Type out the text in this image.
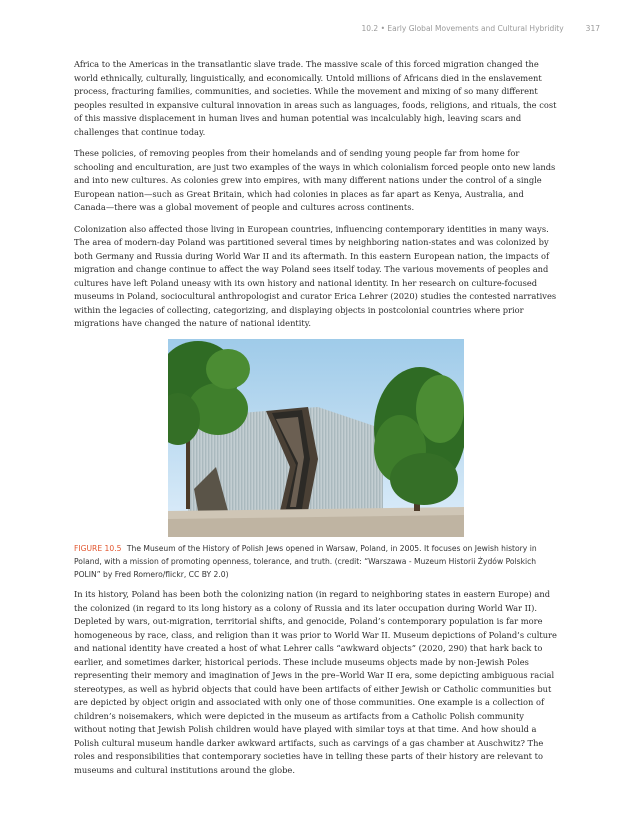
10.2 • Early Global Movements and Cultural Hybridity	317

Africa to the Americas in the transatlantic slave trade. The massive scale of this forced migration changed the world ethnically, culturally, linguistically, and economically. Untold millions of Africans died in the enslavement process, fracturing families, communities, and societies. While the movement and mixing of so many different peoples resulted in expansive cultural innovation in areas such as languages, foods, religions, and rituals, the cost of this massive displacement in human lives and human potential was incalculably high, leaving scars and challenges that continue today.

These policies, of removing peoples from their homelands and of sending young people far from home for schooling and enculturation, are just two examples of the ways in which colonialism forced people onto new lands and into new cultures. As colonies grew into empires, with many different nations under the control of a single European nation—such as Great Britain, which had colonies in places as far apart as Kenya, Australia, and Canada—there was a global movement of people and cultures across continents.

Colonization also affected those living in European countries, influencing contemporary identities in many ways. The area of modern-day Poland was partitioned several times by neighboring nation-states and was colonized by both Germany and Russia during World War II and its aftermath. In this eastern European nation, the impacts of migration and change continue to affect the way Poland sees itself today. The various movements of peoples and cultures have left Poland uneasy with its own history and national identity. In her research on culture-focused museums in Poland, sociocultural anthropologist and curator Erica Lehrer (2020) studies the contested narratives within the legacies of collecting, categorizing, and displaying objects in postcolonial countries where prior migrations have changed the nature of national identity.

FIGURE 10.5 The Museum of the History of Polish Jews opened in Warsaw, Poland, in 2005. It focuses on Jewish history in Poland, with a mission of promoting openness, tolerance, and truth. (credit: “Warszawa - Muzeum Historii Żydów Polskich POLIN” by Fred Romero/flickr, CC BY 2.0)

In its history, Poland has been both the colonizing nation (in regard to neighboring states in eastern Europe) and the colonized (in regard to its long history as a colony of Russia and its later occupation during World War II). Depleted by wars, out-migration, territorial shifts, and genocide, Poland’s contemporary population is far more homogeneous by race, class, and religion than it was prior to World War II. Museum depictions of Poland’s culture and national identity have created a host of what Lehrer calls “awkward objects” (2020, 290) that hark back to earlier, and sometimes darker, historical periods. These include museums objects made by non-Jewish Poles representing their memory and imagination of Jews in the pre–World War II era, some depicting ambiguous racial stereotypes, as well as hybrid objects that could have been artifacts of either Jewish or Catholic communities but are depicted by object origin and associated with only one of those communities. One example is a collection of children’s noisemakers, which were depicted in the museum as artifacts from a Catholic Polish community without noting that Jewish Polish children would have played with similar toys at that time. And how should a Polish cultural museum handle darker awkward artifacts, such as carvings of a gas chamber at Auschwitz? The roles and responsibilities that contemporary societies have in telling these parts of their history are relevant to museums and cultural institutions around the globe.
